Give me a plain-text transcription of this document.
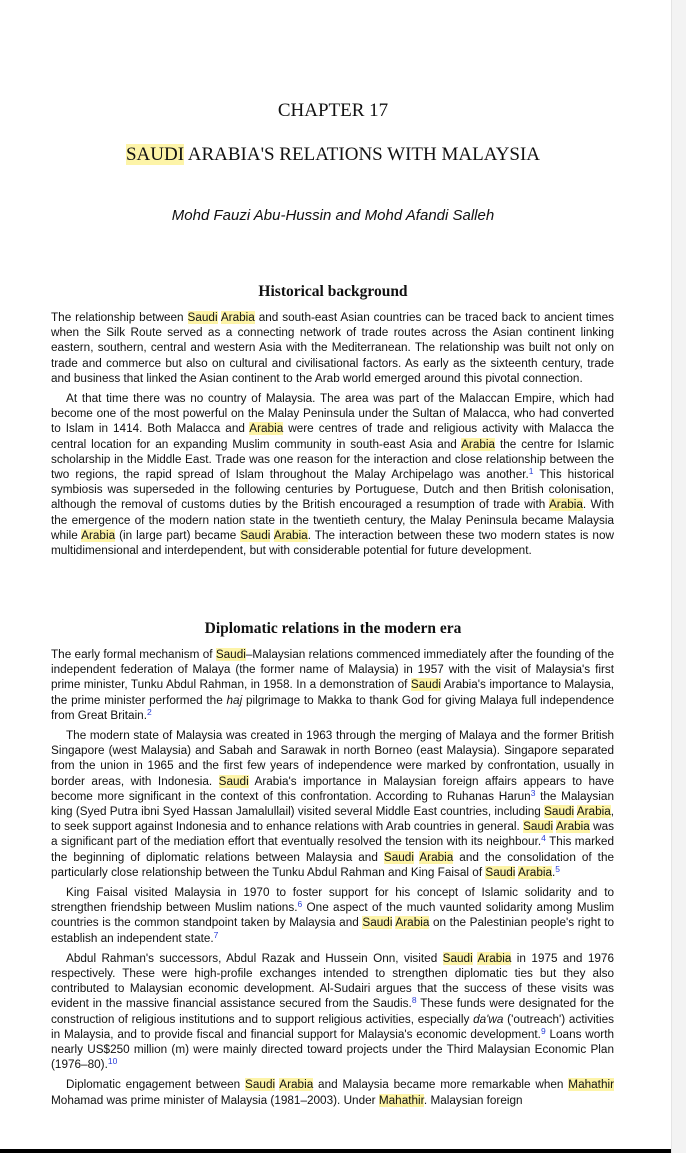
CHAPTER 17
SAUDI ARABIA'S RELATIONS WITH MALAYSIA
Mohd Fauzi Abu-Hussin and Mohd Afandi Salleh
Historical background

The relationship between Saudi Arabia and south-east Asian countries can be traced back to ancient times when the Silk Route served as a connecting network of trade routes across the Asian continent linking eastern, southern, central and western Asia with the Mediterranean. The relationship was built not only on trade and commerce but also on cultural and civilisational factors. As early as the sixteenth century, trade and business that linked the Asian continent to the Arab world emerged around this pivotal connection.

At that time there was no country of Malaysia. The area was part of the Malaccan Empire, which had become one of the most powerful on the Malay Peninsula under the Sultan of Malacca, who had converted to Islam in 1414. Both Malacca and Arabia were centres of trade and religious activity with Malacca the central location for an expanding Muslim community in south-east Asia and Arabia the centre for Islamic scholarship in the Middle East. Trade was one reason for the interaction and close relationship between the two regions, the rapid spread of Islam throughout the Malay Archipelago was another.$^1$ This historical symbiosis was superseded in the following centuries by Portuguese, Dutch and then British colonisation, although the removal of customs duties by the British encouraged a resumption of trade with Arabia. With the emergence of the modern nation state in the twentieth century, the Malay Peninsula became Malaysia while Arabia (in large part) became Saudi Arabia. The interaction between these two modern states is now multidimensional and interdependent, but with considerable potential for future development.

Diplomatic relations in the modern era

The early formal mechanism of Saudi–Malaysian relations commenced immediately after the founding of the independent federation of Malaya (the former name of Malaysia) in 1957 with the visit of Malaysia's first prime minister, Tunku Abdul Rahman, in 1958. In a demonstration of Saudi Arabia's importance to Malaysia, the prime minister performed the haj pilgrimage to Makka to thank God for giving Malaya full independence from Great Britain.$^2$

The modern state of Malaysia was created in 1963 through the merging of Malaya and the former British Singapore (west Malaysia) and Sabah and Sarawak in north Borneo (east Malaysia). Singapore separated from the union in 1965 and the first few years of independence were marked by confrontation, usually in border areas, with Indonesia. Saudi Arabia's importance in Malaysian foreign affairs appears to have become more significant in the context of this confrontation. According to Ruhanas Harun$^3$ the Malaysian king (Syed Putra ibni Syed Hassan Jamalullail) visited several Middle East countries, including Saudi Arabia, to seek support against Indonesia and to enhance relations with Arab countries in general. Saudi Arabia was a significant part of the mediation effort that eventually resolved the tension with its neighbour.$^4$ This marked the beginning of diplomatic relations between Malaysia and Saudi Arabia and the consolidation of the particularly close relationship between the Tunku Abdul Rahman and King Faisal of Saudi Arabia.$^5$

King Faisal visited Malaysia in 1970 to foster support for his concept of Islamic solidarity and to strengthen friendship between Muslim nations.$^6$ One aspect of the much vaunted solidarity among Muslim countries is the common standpoint taken by Malaysia and Saudi Arabia on the Palestinian people's right to establish an independent state.$^7$

Abdul Rahman's successors, Abdul Razak and Hussein Onn, visited Saudi Arabia in 1975 and 1976 respectively. These were high-profile exchanges intended to strengthen diplomatic ties but they also contributed to Malaysian economic development. Al-Sudairi argues that the success of these visits was evident in the massive financial assistance secured from the Saudis.$^8$ These funds were designated for the construction of religious institutions and to support religious activities, especially da'wa ('outreach') activities in Malaysia, and to provide fiscal and financial support for Malaysia's economic development.$^9$ Loans worth nearly US$250 million (m) were mainly directed toward projects under the Third Malaysian Economic Plan (1976–80).$^{10}$

Diplomatic engagement between Saudi Arabia and Malaysia became more remarkable when Mahathir Mohamad was prime minister of Malaysia (1981–2003). Under Mahathir. Malaysian foreign
